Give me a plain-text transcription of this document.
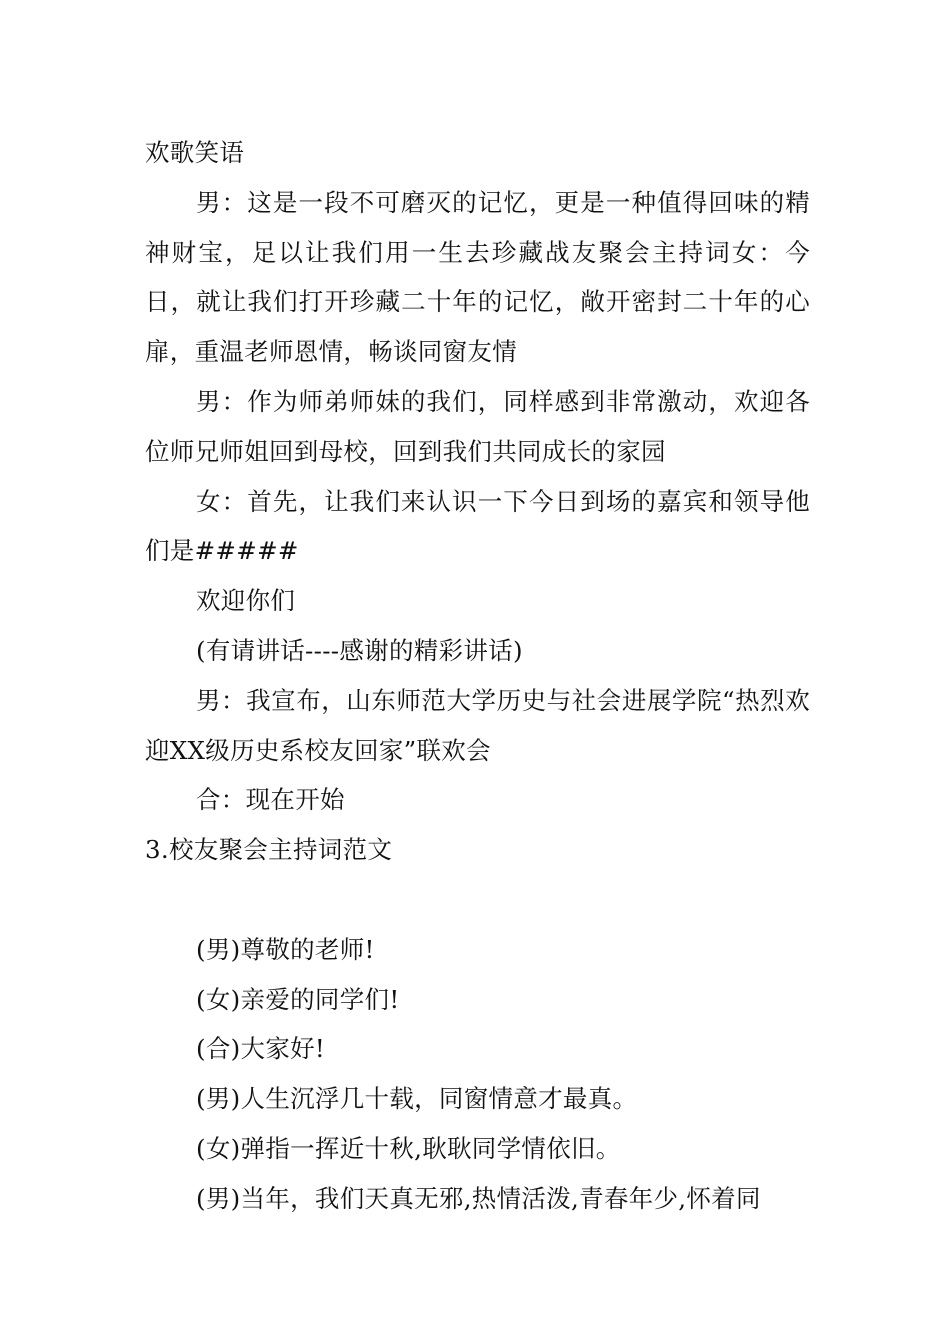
欢歌笑语

男：这是一段不可磨灭的记忆，更是一种值得回味的精神财宝，足以让我们用一生去珍藏战友聚会主持词女：今日，就让我们打开珍藏二十年的记忆，敞开密封二十年的心扉，重温老师恩情，畅谈同窗友情

男：作为师弟师妹的我们，同样感到非常激动，欢迎各位师兄师姐回到母校，回到我们共同成长的家园

女：首先，让我们来认识一下今日到场的嘉宾和领导他们是#####

欢迎你们

(有请讲话----感谢的精彩讲话)

男：我宣布，山东师范大学历史与社会进展学院“热烈欢迎XX级历史系校友回家”联欢会

合：现在开始

3.校友聚会主持词范文

(男)尊敬的老师!

(女)亲爱的同学们!

(合)大家好!

(男)人生沉浮几十载，同窗情意才最真。

(女)弹指一挥近十秋,耿耿同学情依旧。

(男)当年，我们天真无邪,热情活泼,青春年少,怀着同
